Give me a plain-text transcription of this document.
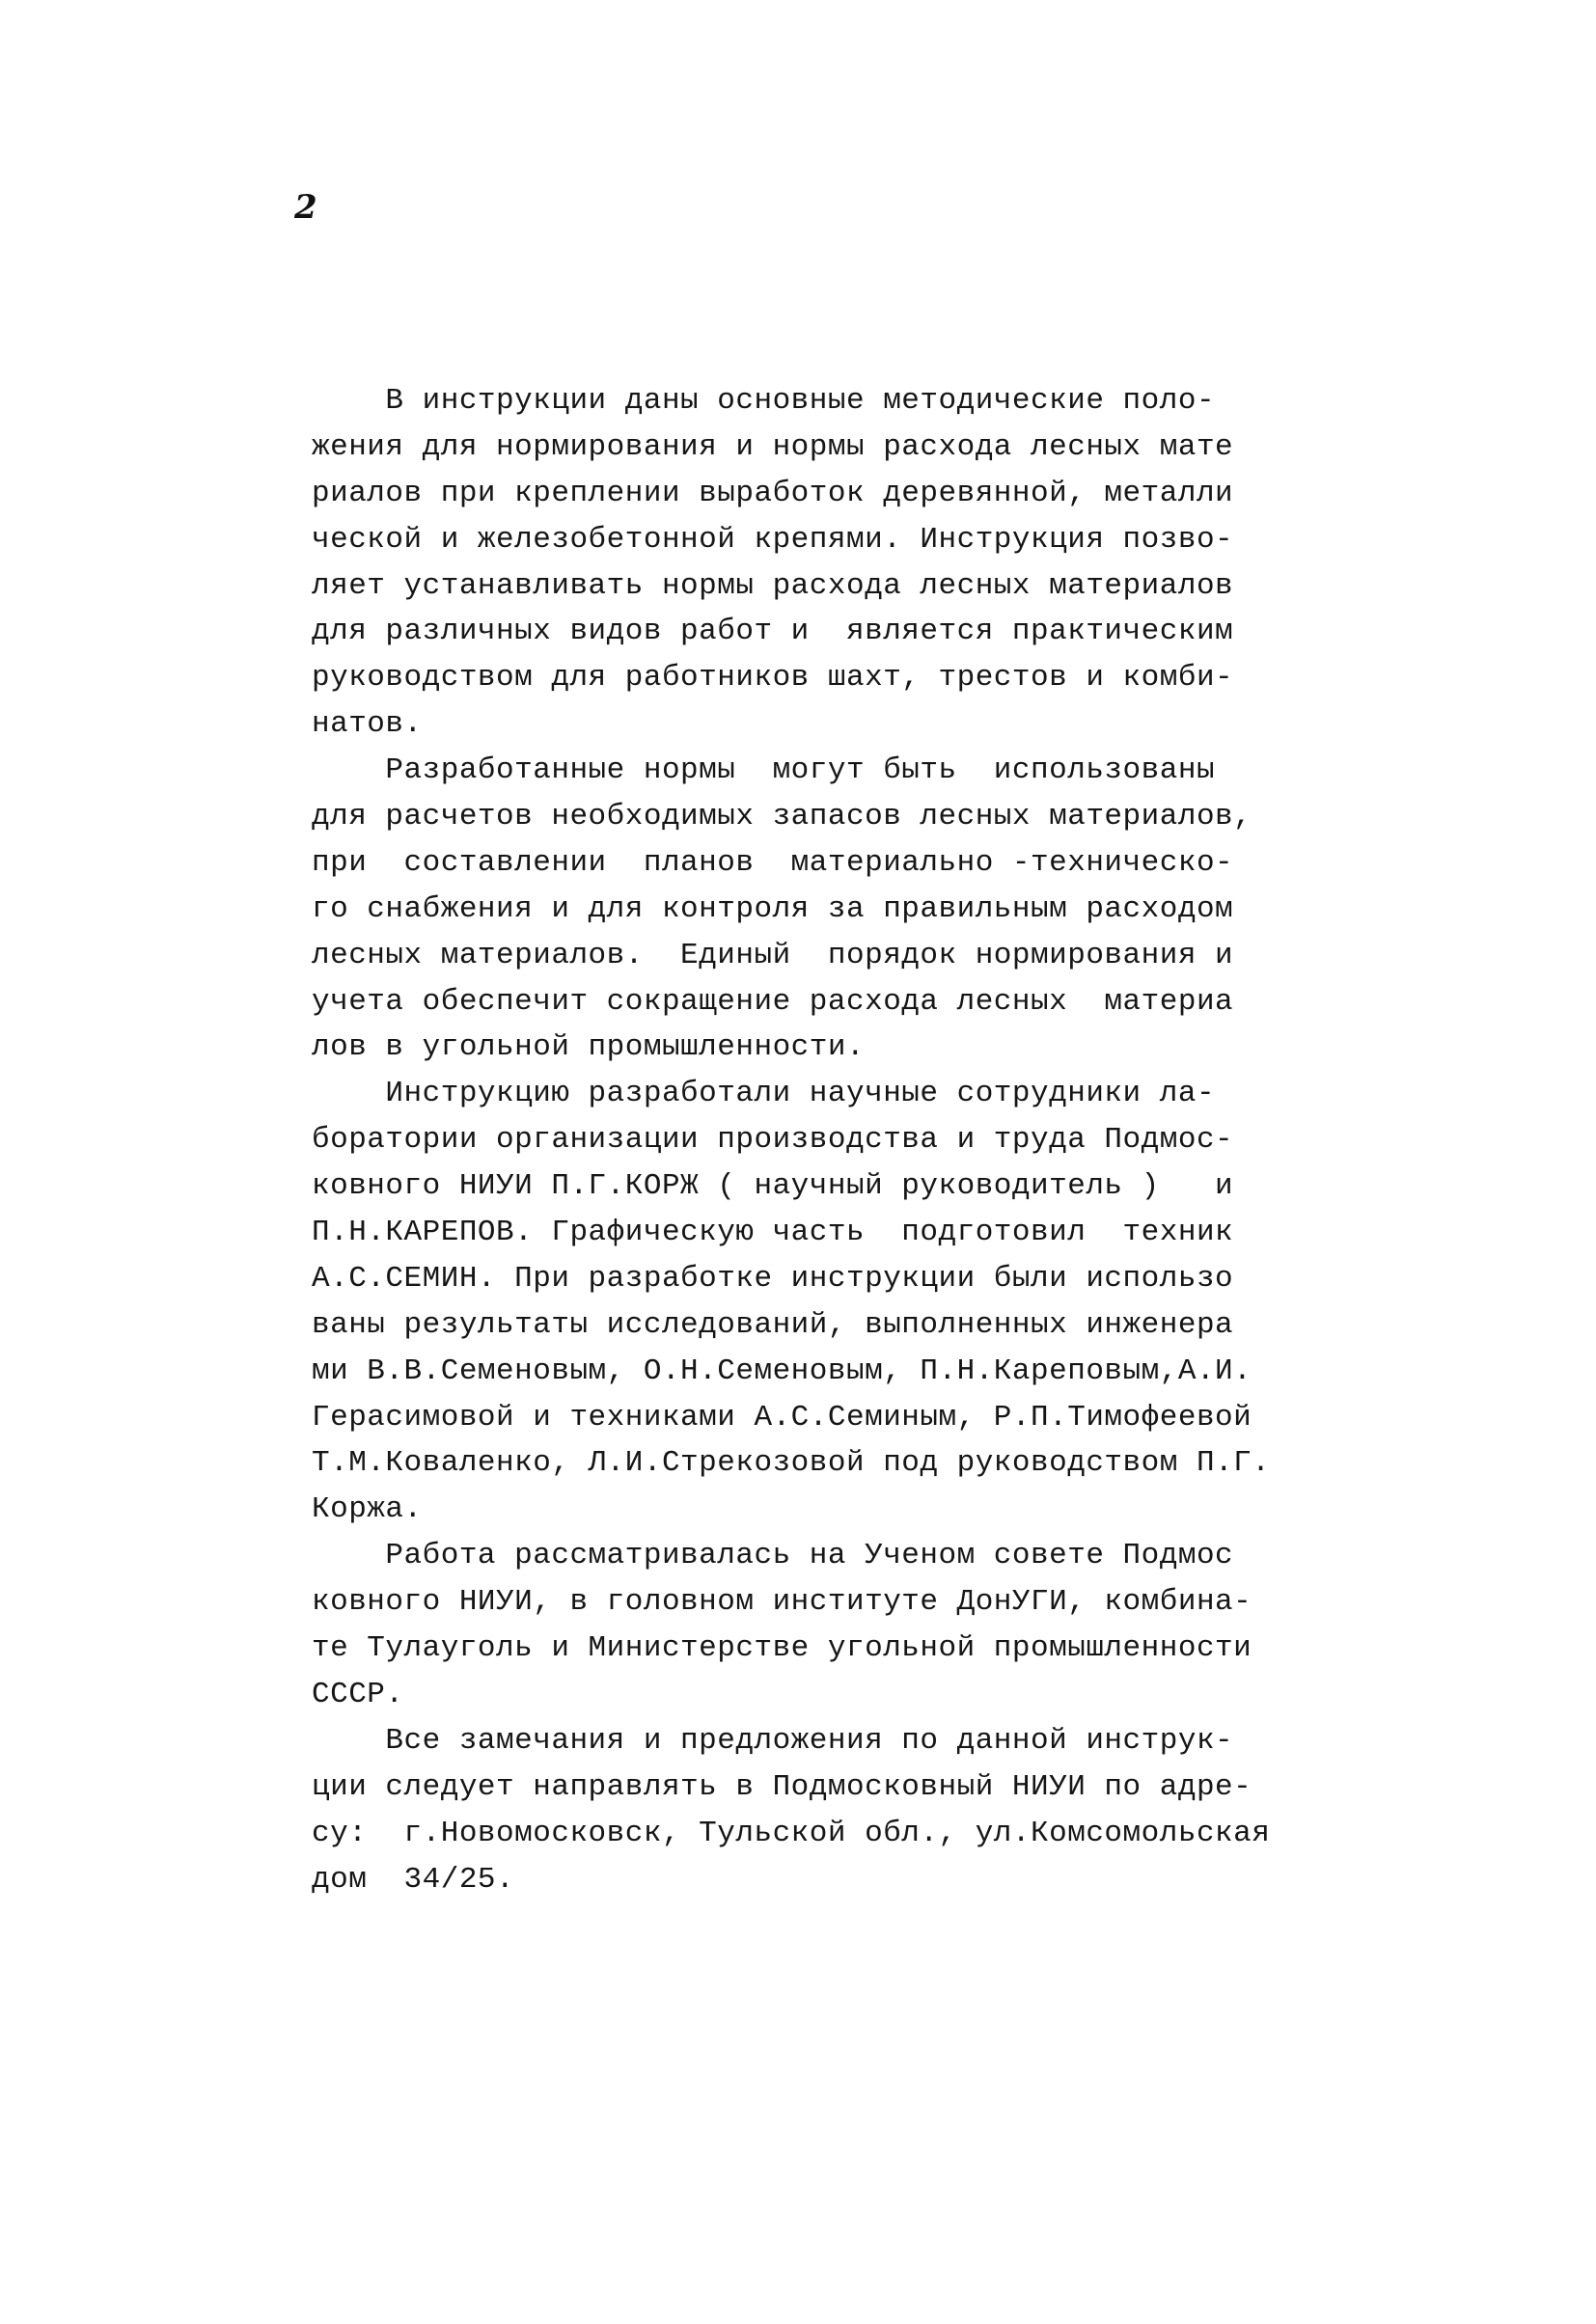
2
В инструкции даны основные методические поло-
жения для нормирования и нормы расхода лесных мате
риалов при креплении выработок деревянной, металли
ческой и железобетонной крепями. Инструкция позво-
ляет устанавливать нормы расхода лесных материалов
для различных видов работ и  является практическим
руководством для работников шахт, трестов и комби-
натов.
Разработанные нормы  могут быть  использованы
для расчетов необходимых запасов лесных материалов,
при  составлении  планов  материально -техническо-
го снабжения и для контроля за правильным расходом
лесных материалов.  Единый  порядок нормирования и
учета обеспечит сокращение расхода лесных  материа
лов в угольной промышленности.
Инструкцию разработали научные сотрудники ла-
боратории организации производства и труда Подмос-
ковного НИУИ П.Г.КОРЖ ( научный руководитель )   и
П.Н.КАРЕПОВ. Графическую часть  подготовил  техник
А.С.СЕМИН. При разработке инструкции были использо
ваны результаты исследований, выполненных инженера
ми В.В.Семеновым, О.Н.Семеновым, П.Н.Кареповым,А.И.
Герасимовой и техниками А.С.Семиным, Р.П.Тимофеевой
Т.М.Коваленко, Л.И.Стрекозовой под руководством П.Г.
Коржа.
Работа рассматривалась на Ученом совете Подмос
ковного НИУИ, в головном институте ДонУГИ, комбина-
те Тулауголь и Министерстве угольной промышленности
СССР.
Все замечания и предложения по данной инструк-
ции следует направлять в Подмосковный НИУИ по адре-
су:  г.Новомосковск, Тульской обл., ул.Комсомольская
дом  34/25.
